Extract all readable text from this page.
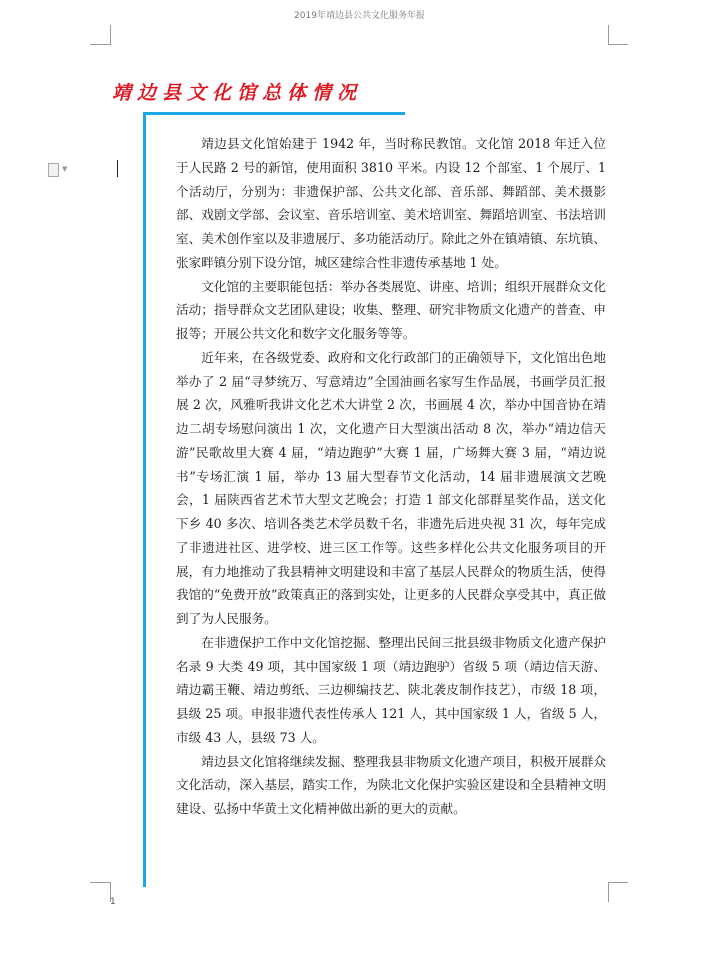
2019年靖边县公共文化服务年报
靖边县文化馆总体情况
▼

靖边县文化馆始建于 1942 年，当时称民教馆。文化馆 2018 年迁入位于人民路 2 号的新馆，使用面积 3810 平米。内设 12 个部室、1 个展厅、1 个活动厅，分别为：非遗保护部、公共文化部、音乐部、舞蹈部、美术摄影部、戏剧文学部、会议室、音乐培训室、美术培训室、舞蹈培训室、书法培训室、美术创作室以及非遗展厅、多功能活动厅。除此之外在镇靖镇、东坑镇、张家畔镇分别下设分馆，城区建综合性非遗传承基地 1 处。

文化馆的主要职能包括：举办各类展览、讲座、培训；组织开展群众文化活动；指导群众文艺团队建设；收集、整理、研究非物质文化遗产的普查、申报等；开展公共文化和数字文化服务等等。

近年来，在各级党委、政府和文化行政部门的正确领导下，文化馆出色地举办了 2 届“寻梦统万、写意靖边”全国油画名家写生作品展，书画学员汇报展 2 次，风雅听我讲文化艺术大讲堂 2 次，书画展 4 次，举办中国音协在靖边二胡专场慰问演出 1 次，文化遗产日大型演出活动 8 次，举办“靖边信天游”民歌故里大赛 4 届，“靖边跑驴”大赛 1 届，广场舞大赛 3 届，“靖边说书”专场汇演 1 届，举办 13 届大型春节文化活动，14 届非遗展演文艺晚会，1 届陕西省艺术节大型文艺晚会；打造 1 部文化部群星奖作品，送文化下乡 40 多次、培训各类艺术学员数千名，非遗先后进央视 31 次，每年完成了非遗进社区、进学校、进三区工作等。这些多样化公共文化服务项目的开展，有力地推动了我县精神文明建设和丰富了基层人民群众的物质生活，使得我馆的“免费开放”政策真正的落到实处，让更多的人民群众享受其中，真正做到了为人民服务。

在非遗保护工作中文化馆挖掘、整理出民间三批县级非物质文化遗产保护名录 9 大类 49 项，其中国家级 1 项（靖边跑驴）省级 5 项（靖边信天游、靖边霸王鞭、靖边剪纸、三边柳编技艺、陕北袭皮制作技艺），市级 18 项，县级 25 项。申报非遗代表性传承人 121 人，其中国家级 1 人，省级 5 人，市级 43 人，县级 73 人。

靖边县文化馆将继续发掘、整理我县非物质文化遗产项目，积极开展群众文化活动，深入基层，踏实工作，为陕北文化保护实验区建设和全县精神文明建设、弘扬中华黄土文化精神做出新的更大的贡献。

1
